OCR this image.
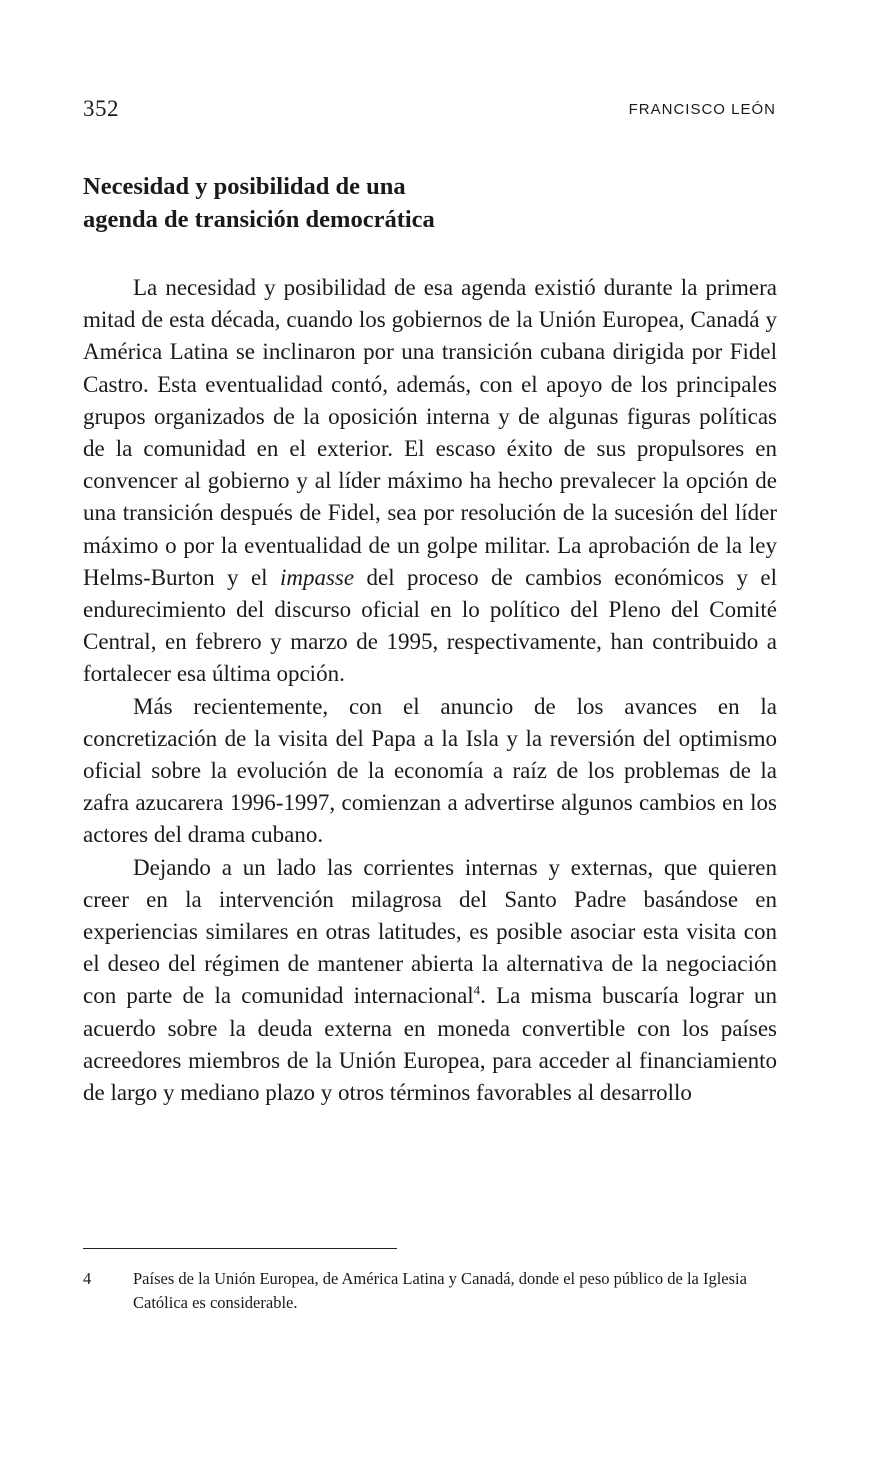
352	FRANCISCO LEÓN
Necesidad y posibilidad de una
agenda de transición democrática

La necesidad y posibilidad de esa agenda existió durante la primera mitad de esta década, cuando los gobiernos de la Unión Europea, Canadá y América Latina se inclinaron por una transición cubana dirigida por Fidel Castro. Esta eventualidad contó, además, con el apoyo de los principales grupos organizados de la oposición interna y de algunas figuras políticas de la comunidad en el exterior. El escaso éxito de sus propulsores en convencer al gobierno y al líder máximo ha hecho prevalecer la opción de una transición después de Fidel, sea por resolución de la sucesión del líder máximo o por la eventualidad de un golpe militar. La aprobación de la ley Helms-Burton y el impasse del proceso de cambios económicos y el endurecimiento del discurso oficial en lo político del Pleno del Comité Central, en febrero y marzo de 1995, respectivamente, han contribuido a fortalecer esa última opción.

Más recientemente, con el anuncio de los avances en la concretización de la visita del Papa a la Isla y la reversión del optimismo oficial sobre la evolución de la economía a raíz de los problemas de la zafra azucarera 1996-1997, comienzan a advertirse algunos cambios en los actores del drama cubano.

Dejando a un lado las corrientes internas y externas, que quieren creer en la intervención milagrosa del Santo Padre basándose en experiencias similares en otras latitudes, es posible asociar esta visita con el deseo del régimen de mantener abierta la alternativa de la negociación con parte de la comunidad internacional$^4$. La misma buscaría lograr un acuerdo sobre la deuda externa en moneda convertible con los países acreedores miembros de la Unión Europea, para acceder al financiamiento de largo y mediano plazo y otros términos favorables al desarrollo

4	Países de la Unión Europea, de América Latina y Canadá, donde el peso público de la Iglesia Católica es considerable.
